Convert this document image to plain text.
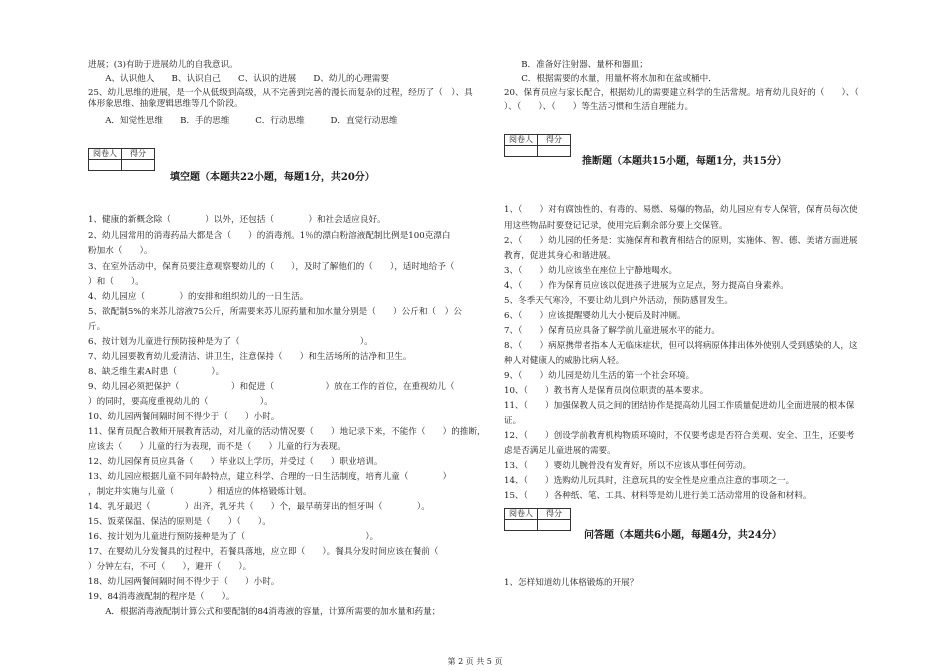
进展；(3)有助于进展幼儿的自我意识。
　　A、认识他人　　B、认识自己　　C、认识的进展　　D、幼儿的心理需要
25、幼儿思维的进展，是一个从低级到高级，从不完善到完善的漫长而复杂的过程，经历了（　）、具体形象思维、抽象逻辑思维等几个阶段。
　　A．知觉性思维　　B．手的思维　　　C．行动思维　　　D．直觉行动思维
阅卷人	得分

填空题（本题共22小题，每题1分，共20分）
1、健康的新概念除（　　　　）以外，还包括（　　　　）和社会适应良好。
2、幼儿园常用的消毒药品大都是含（　　）的消毒剂。1％的漂白粉溶液配制比例是100克漂白
粉加水（　　）。
3、在室外活动中，保育员要注意观察婴幼儿的（　　），及时了解他们的（　　），适时地给予（
）和（　　）。
4、幼儿园应（　　　　）的安排和组织幼儿的一日生活。
5、欲配制5%的来苏儿溶液75公斤，所需要来苏儿原药量和加水量分别是（　　）公斤和（　）公
斤。
6、按计划为儿童进行预防接种是为了（　　　　　　　　　　　　　　）。
7、幼儿园要教育幼儿爱清洁、讲卫生，注意保持（　　）和生活场所的洁净和卫生。
8、缺乏维生素A时患（　　　　）。
9、幼儿园必须把保护（　　　　　　）和促进（　　　　　　）放在工作的首位，在重视幼儿（
）的同时，要高度重视幼儿的（　　　　　　）。
10、幼儿园两餐间隔时间不得少于（　　）小时。
11、保育员配合教师开展教育活动，对儿童的活动情况要（　　）地记录下来，不能作（　　）的推断，
应该去（　　）儿童的行为表现，而不是（　　）儿童的行为表现。
12、幼儿园保育员应具备（　　）毕业以上学历，并受过（　　）职业培训。
13、幼儿园应根据儿童不同年龄特点，建立科学、合理的一日生活制度，培育儿童（　　　　）
，制定并实施与儿童（　　　　）相适应的体格锻炼计划。
14、乳牙最迟（　　　　）出齐，乳牙共（　　）个，最早萌芽出的恒牙叫（　　　　）。
15、饭菜保温、保洁的原则是（　　）（　　）。
16、按计划为儿童进行预防接种是为了（　　　　　　　　　　　　　　）。
17、在婴幼儿分发餐具的过程中，若餐具落地，应立即（　　）。餐具分发时间应该在餐前（
）分钟左右，不可（　　），避开（　　）。
18、幼儿园两餐间隔时间不得少于（　　）小时。
19、84消毒液配制的程序是（　　）。
　　A．根据消毒液配制计算公式和要配制的84消毒液的容量，计算所需要的加水量和药量；
　　B．准备好注射器、量杯和器皿；
　　C．根据需要的水量，用量杯将水加和在盆或桶中．
20、保育员应与家长配合，根据幼儿的需要建立科学的生活常规。培育幼儿良好的（　　）、（
）、（　　）、（　　）等生活习惯和生活自理能力。
阅卷人	得分

推断题（本题共15小题，每题1分，共15分）
1、（　　）对有腐蚀性的、有毒的、易燃、易爆的物品，幼儿园应有专人保管，保育员每次使
用这些物品时要登记记录，使用完后剩余部分要上交保管。
2、（　　）幼儿园的任务是：实施保育和教育相结合的原则，实施体、智、德、美诸方面进展
教育，促进其身心和谐进展。
3、（　　）幼儿应该坐在座位上宁静地喝水。
4、（　　）作为保育员应该以促进孩子进展为立足点，努力提高自身素养。
5、冬季天气寒冷，不要让幼儿到户外活动，预防感冒发生。
6、（　　）应该提醒婴幼儿大小便后及时冲厕。
7、（　　）保育员应具备了解学前儿童进展水平的能力。
8、（　　）病原携带者指本人无临床症状，但可以将病原体排出体外使别人受到感染的人，这
种人对健康人的威胁比病人轻。
9、（　　）幼儿园是幼儿生活的第一个社会环境。
10、（　　）教书育人是保育员岗位职责的基本要求。
11、（　　）加强保教人员之间的团结协作是提高幼儿园工作质量促进幼儿全面进展的根本保
证。
12、（　　）创设学前教育机构物质环境时，不仅要考虑是否符合美观、安全、卫生，还要考
虑是否满足儿童进展的需要。
13、（　　）婴幼儿腕骨没有发育好，所以不应该从事任何劳动。
14、（　　）选购幼儿玩具时，注意玩具的安全性是应重点注意的事项之一。
15、（　　）各种纸、笔、工具、材料等是幼儿进行美工活动常用的设备和材料。
阅卷人	得分

问答题（本题共6小题，每题4分，共24分）
1、怎样知道幼儿体格锻炼的开展？
第 2 页 共 5 页
